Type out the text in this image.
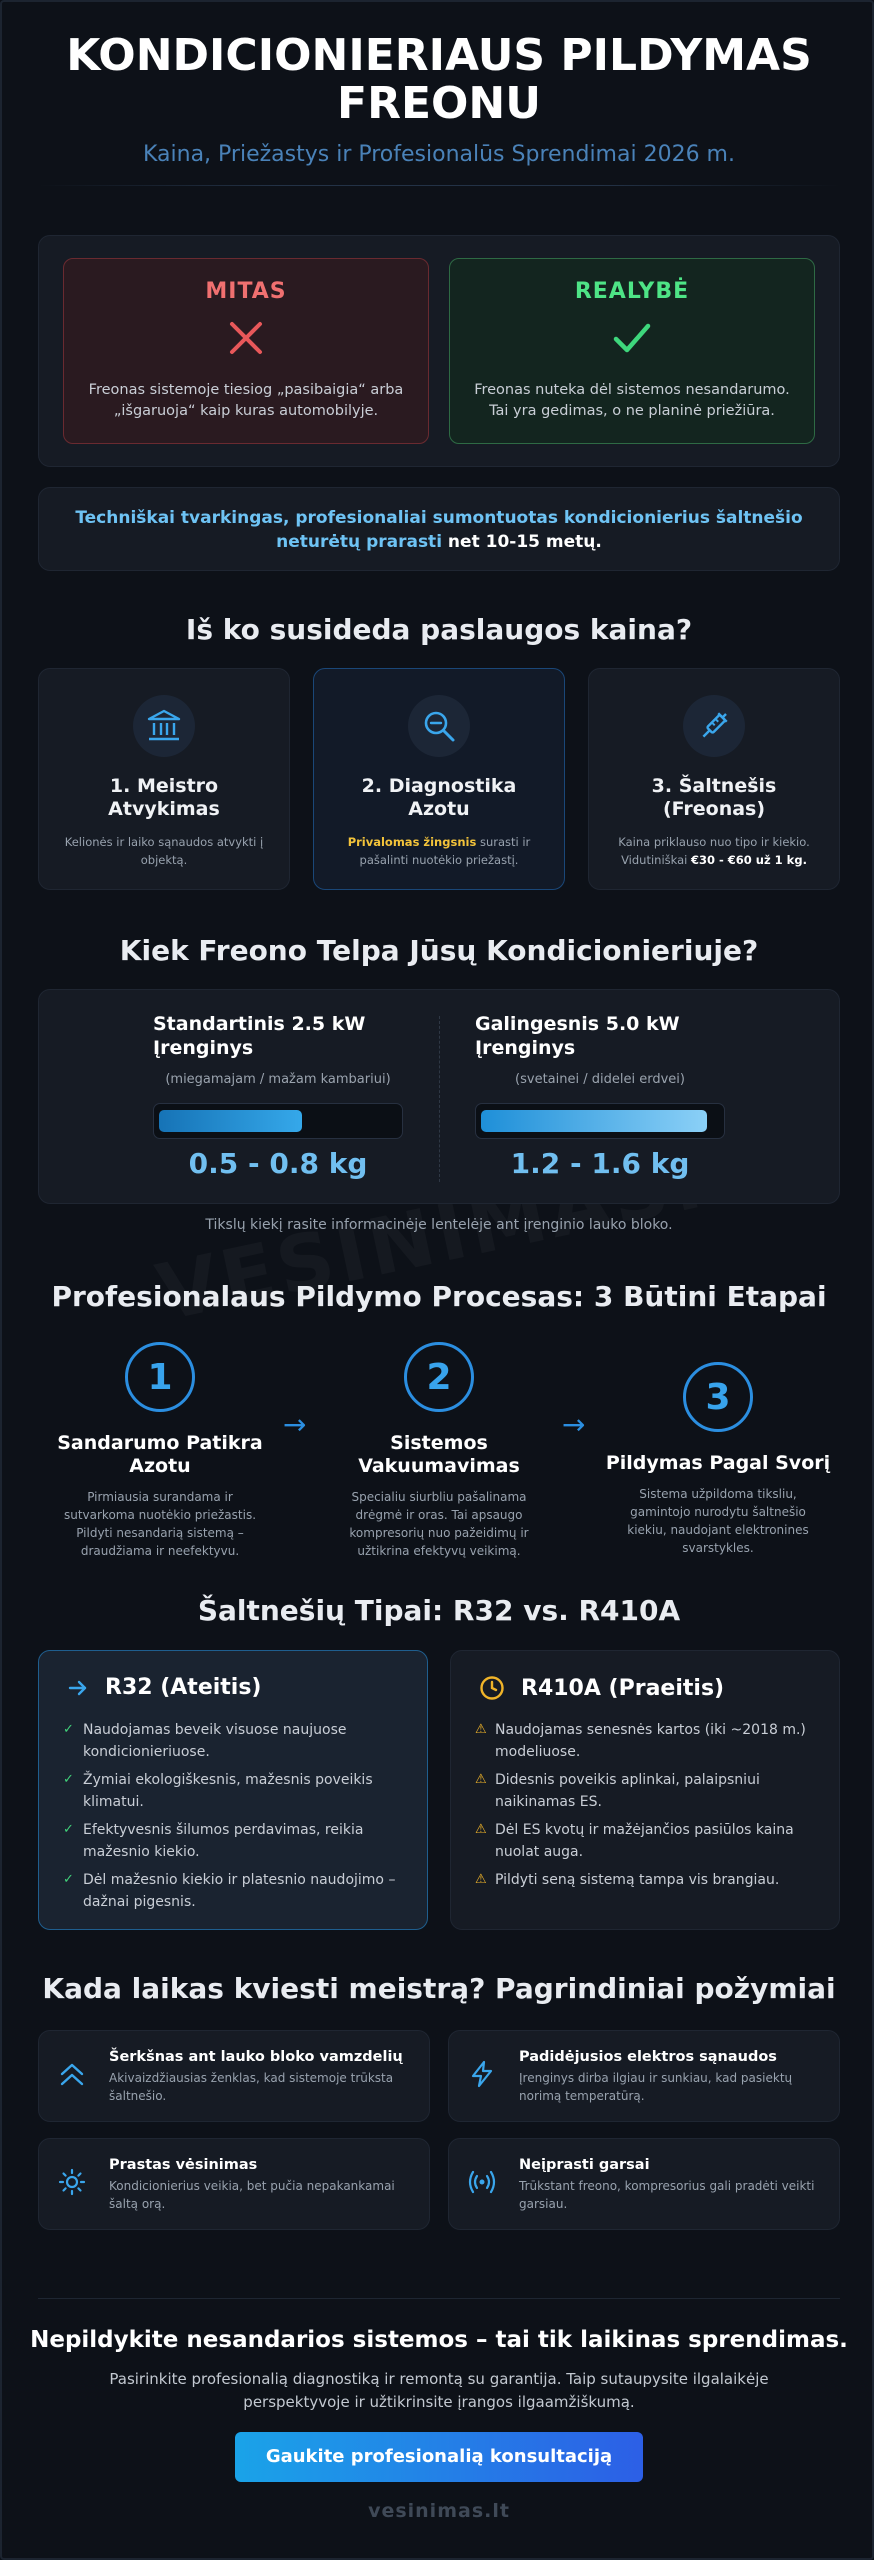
KONDICIONIERIAUS PILDYMAS FREONU
Kaina, Priežastys ir Profesionalūs Sprendimai 2026 m.
MITAS
Freonas sistemoje tiesiog „pasibaigia“ arba „išgaruoja“ kaip kuras automobilyje.
REALYBĖ
Freonas nuteka dėl sistemos nesandarumo. Tai yra gedimas, o ne planinė priežiūra.

Techniškai tvarkingas, profesionaliai sumontuotas kondicionierius šaltnešio neturėtų prarasti net 10-15 metų.

Iš ko susideda paslaugos kaina?
1. Meistro Atvykimas
Kelionės ir laiko sąnaudos atvykti į objektą.
2. Diagnostika Azotu
Privalomas žingsnis surasti ir pašalinti nuotėkio priežastį.
3. Šaltnešis (Freonas)
Kaina priklauso nuo tipo ir kiekio. Vidutiniškai €30 - €60 už 1 kg.
Kiek Freono Telpa Jūsų Kondicionieriuje?
Standartinis 2.5 kW Įrenginys
(miegamajam / mažam kambariui)
0.5 - 0.8 kg
Galingesnis 5.0 kW Įrenginys
(svetainei / didelei erdvei)
1.2 - 1.6 kg
Tikslų kiekį rasite informacinėje lentelėje ant įrenginio lauko bloko.
Profesionalaus Pildymo Procesas: 3 Būtini Etapai
1
Sandarumo Patikra Azotu
Pirmiausia surandama ir sutvarkoma nuotėkio priežastis. Pildyti nesandarią sistemą – draudžiama ir neefektyvu.
→
2
Sistemos Vakuumavimas
Specialiu siurbliu pašalinama drėgmė ir oras. Tai apsaugo kompresorių nuo pažeidimų ir užtikrina efektyvų veikimą.
→
3
Pildymas Pagal Svorį
Sistema užpildoma tiksliu, gamintojo nurodytu šaltnešio kiekiu, naudojant elektronines svarstykles.
Šaltnešių Tipai: R32 vs. R410A
R32 (Ateitis)
✓ Naudojamas beveik visuose naujuose kondicionieriuose.
✓ Žymiai ekologiškesnis, mažesnis poveikis klimatui.
✓ Efektyvesnis šilumos perdavimas, reikia mažesnio kiekio.
✓ Dėl mažesnio kiekio ir platesnio naudojimo – dažnai pigesnis.
R410A (Praeitis)
⚠ Naudojamas senesnės kartos (iki ~2018 m.) modeliuose.
⚠ Didesnis poveikis aplinkai, palaipsniui naikinamas ES.
⚠ Dėl ES kvotų ir mažėjančios pasiūlos kaina nuolat auga.
⚠ Pildyti seną sistemą tampa vis brangiau.
Kada laikas kviesti meistrą? Pagrindiniai požymiai
Šerkšnas ant lauko bloko vamzdelių
Akivaizdžiausias ženklas, kad sistemoje trūksta šaltnešio.
Padidėjusios elektros sąnaudos
Įrenginys dirba ilgiau ir sunkiau, kad pasiektų norimą temperatūrą.
Prastas vėsinimas
Kondicionierius veikia, bet pučia nepakankamai šaltą orą.
Neįprasti garsai
Trūkstant freono, kompresorius gali pradėti veikti garsiau.
Nepildykite nesandarios sistemos – tai tik laikinas sprendimas.
Pasirinkite profesionalią diagnostiką ir remontą su garantija. Taip sutaupysite ilgalaikėje perspektyvoje ir užtikrinsite įrangos ilgaamžiškumą.
Gaukite profesionalią konsultaciją
vesinimas.lt
